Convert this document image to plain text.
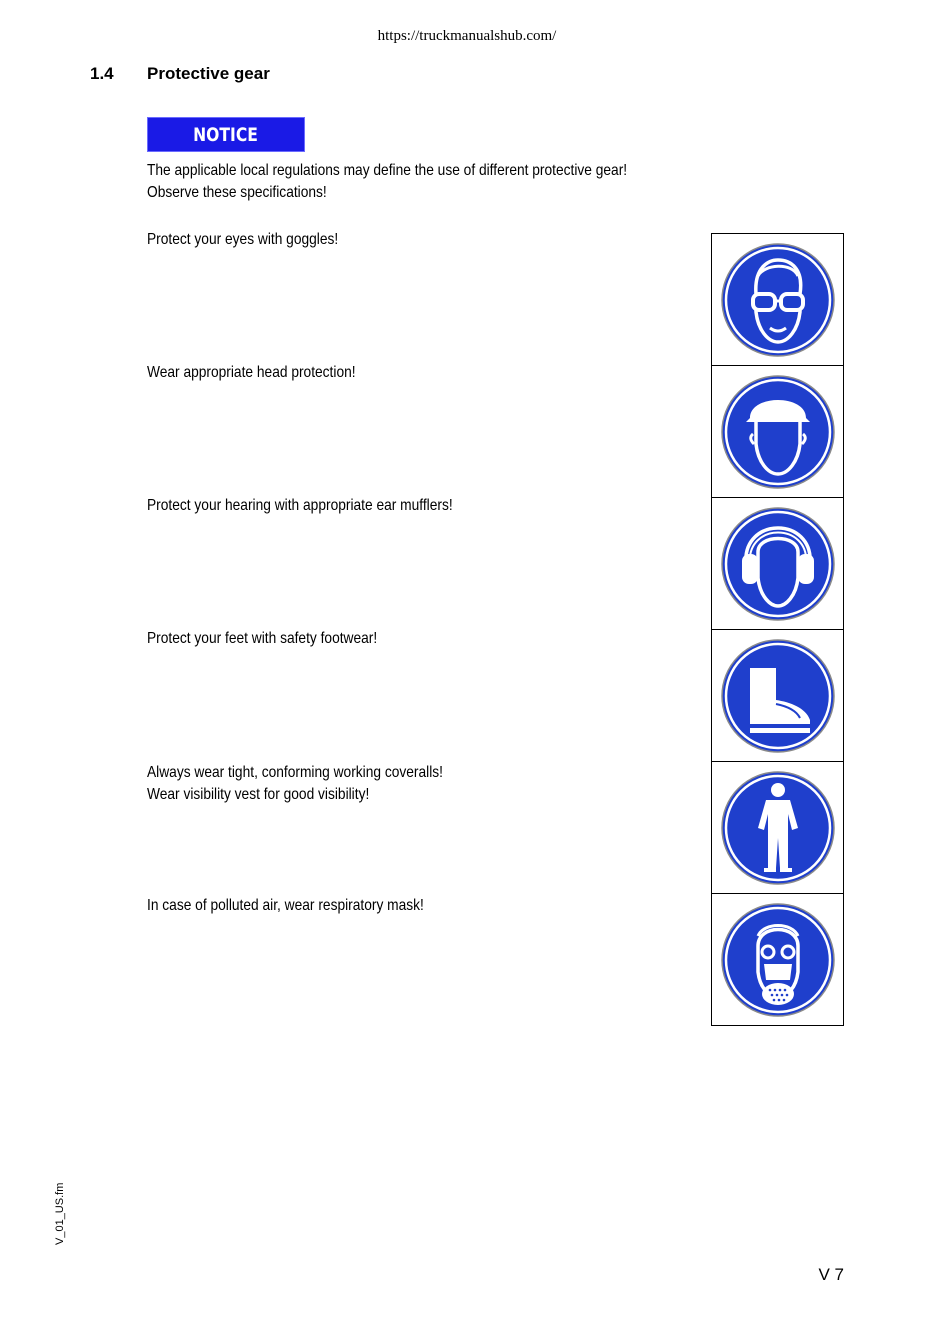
https://truckmanualshub.com/
1.4 Protective gear
NOTICE
The applicable local regulations may define the use of different protective gear!
Observe these specifications!
Protect your eyes with goggles!
Wear appropriate head protection!
Protect your hearing with appropriate ear mufflers!
Protect your feet with safety footwear!
Always wear tight, conforming working coveralls!
Wear visibility vest for good visibility!
In case of polluted air, wear respiratory mask!
V_01_US.fm
V 7
